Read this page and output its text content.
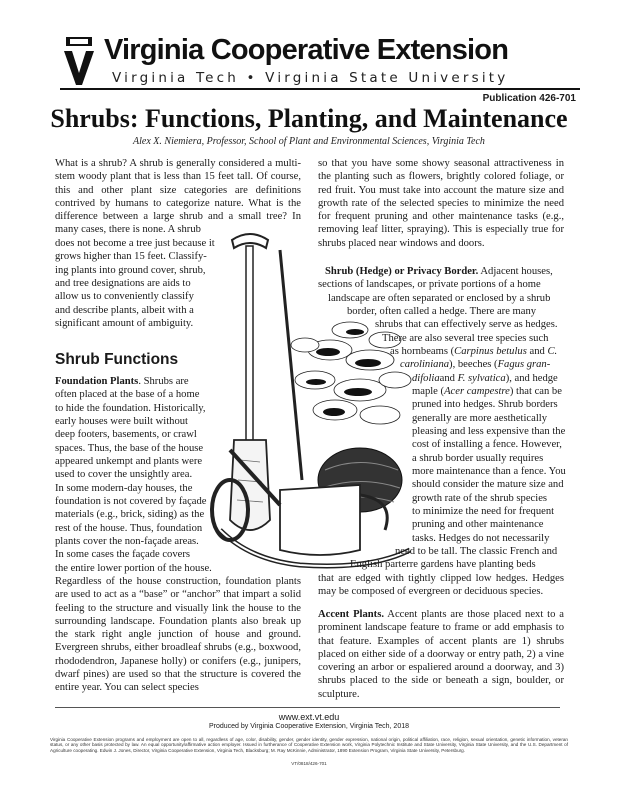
Virginia Cooperative Extension
Virginia Tech • Virginia State University
Publication 426-701
Shrubs: Functions, Planting, and Maintenance
Alex X. Niemiera, Professor, School of Plant and Environmental Sciences, Virginia Tech

What is a shrub? A shrub is generally considered a multi-stem woody plant that is less than 15 feet tall. Of course, this and other plant size categories are definitions contrived by humans to categorize nature. What is the difference between a large shrub and a small tree? In many cases, there is none. A shrub

does not become a tree just because it
grows higher than 15 feet. Classify-
ing plants into ground cover, shrub,
and tree designations are aids to
allow us to conveniently classify
and describe plants, albeit with a
significant amount of ambiguity.
Shrub Functions
Foundation Plants. Shrubs are
often placed at the base of a home
to hide the foundation. Historically,
early houses were built without
deep footers, basements, or crawl
spaces. Thus, the base of the house
appeared unkempt and plants were
used to cover the unsightly area.
In some modern-day houses, the
foundation is not covered by façade
materials (e.g., brick, siding) as the
rest of the house. Thus, foundation
plants cover the non-façade areas.
In some cases the façade covers
the entire lower portion of the house.

Regardless of the house construction, foundation plants are used to act as a “base” or “anchor” that impart a solid feeling to the structure and visually link the house to the surrounding landscape. Foundation plants also break up the stark right angle junction of house and ground. Evergreen shrubs, either broadleaf shrubs (e.g., boxwood, rhododendron, Japanese holly) or conifers (e.g., junipers, dwarf pines) are used so that the structure is covered the entire year. You can select species

so that you have some showy seasonal attractiveness in the planting such as flowers, brightly colored foliage, or red fruit. You must take into account the mature size and growth rate of the selected species to minimize the need for frequent pruning and other maintenance tasks (e.g., removing leaf litter, spraying). This is especially true for shrubs placed near windows and doors.

Shrub (Hedge) or Privacy Border. Adjacent houses,
sections of landscapes, or private portions of a home
landscape are often separated or enclosed by a shrub
border, often called a hedge. There are many
shrubs that can effectively serve as hedges.
There are also several tree species such
as hornbeams (Carpinus betulus and C.
caroliniana), beeches (Fagus gran-
difoliaand F. sylvatica), and hedge
maple (Acer campestre) that can be
pruned into hedges. Shrub borders
generally are more aesthetically
pleasing and less expensive than the
cost of installing a fence. However,
a shrub border usually requires
more maintenance than a fence. You
should consider the mature size and
growth rate of the shrub species
to minimize the need for frequent
pruning and other maintenance
tasks. Hedges do not necessarily
need to be tall. The classic French and
English parterre gardens have planting beds

that are edged with tightly clipped low hedges. Hedges may be composed of evergreen or deciduous species.

Accent Plants. Accent plants are those placed next to a prominent landscape feature to frame or add emphasis to that feature. Examples of accent plants are 1) shrubs placed on either side of a doorway or entry path, 2) a vine covering an arbor or espaliered around a doorway, and 3) shrubs placed to the side or beneath a sign, boulder, or sculpture.

www.ext.vt.edu
Produced by Virginia Cooperative Extension, Virginia Tech, 2018
Virginia Cooperative Extension programs and employment are open to all, regardless of age, color, disability, gender, gender identity, gender expression, national origin, political affiliation, race, religion, sexual orientation, genetic information, veteran status, or any other basis protected by law. An equal opportunity/affirmative action employer. Issued in furtherance of Cooperative Extension work, Virginia Polytechnic Institute and State University, Virginia State University, and the U.S. Department of Agriculture cooperating. Edwin J. Jones, Director, Virginia Cooperative Extension, Virginia Tech, Blacksburg; M. Ray McKinnie, Administrator, 1890 Extension Program, Virginia State University, Petersburg.
VT/0818/426-701
